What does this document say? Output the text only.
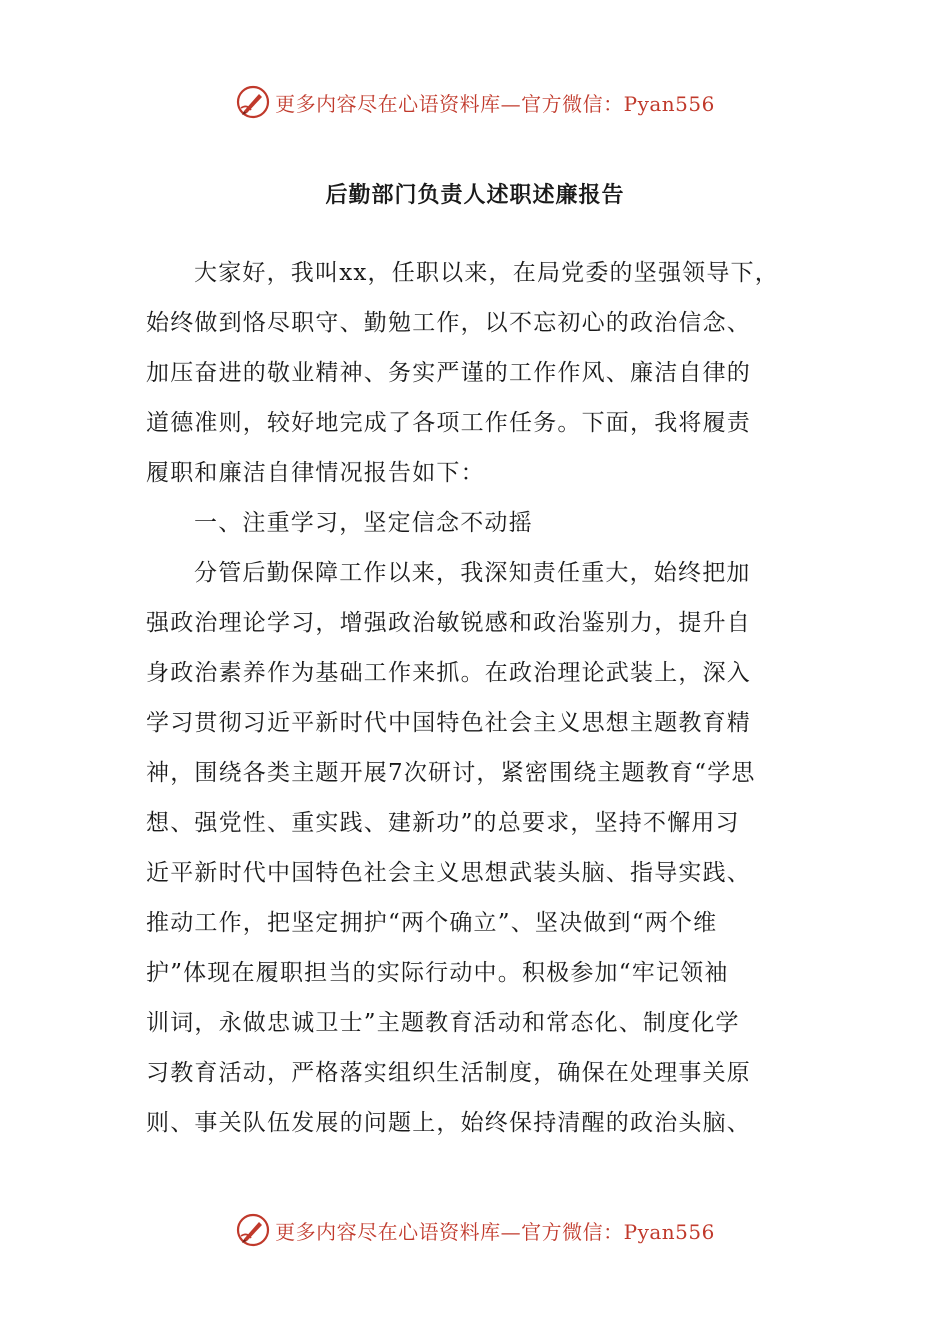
更多内容尽在心语资料库—官方微信：Pyan556
后勤部门负责人述职述廉报告
大家好，我叫xx，任职以来，在局党委的坚强领导下，
始终做到恪尽职守、勤勉工作，以不忘初心的政治信念、
加压奋进的敬业精神、务实严谨的工作作风、廉洁自律的
道德准则，较好地完成了各项工作任务。下面，我将履责
履职和廉洁自律情况报告如下：
一、注重学习，坚定信念不动摇
分管后勤保障工作以来，我深知责任重大，始终把加
强政治理论学习，增强政治敏锐感和政治鉴别力，提升自
身政治素养作为基础工作来抓。在政治理论武装上，深入
学习贯彻习近平新时代中国特色社会主义思想主题教育精
神，围绕各类主题开展7次研讨，紧密围绕主题教育“学思
想、强党性、重实践、建新功”的总要求，坚持不懈用习
近平新时代中国特色社会主义思想武装头脑、指导实践、
推动工作，把坚定拥护“两个确立”、坚决做到“两个维
护”体现在履职担当的实际行动中。积极参加“牢记领袖
训词，永做忠诚卫士”主题教育活动和常态化、制度化学
习教育活动，严格落实组织生活制度，确保在处理事关原
则、事关队伍发展的问题上，始终保持清醒的政治头脑、
更多内容尽在心语资料库—官方微信：Pyan556
